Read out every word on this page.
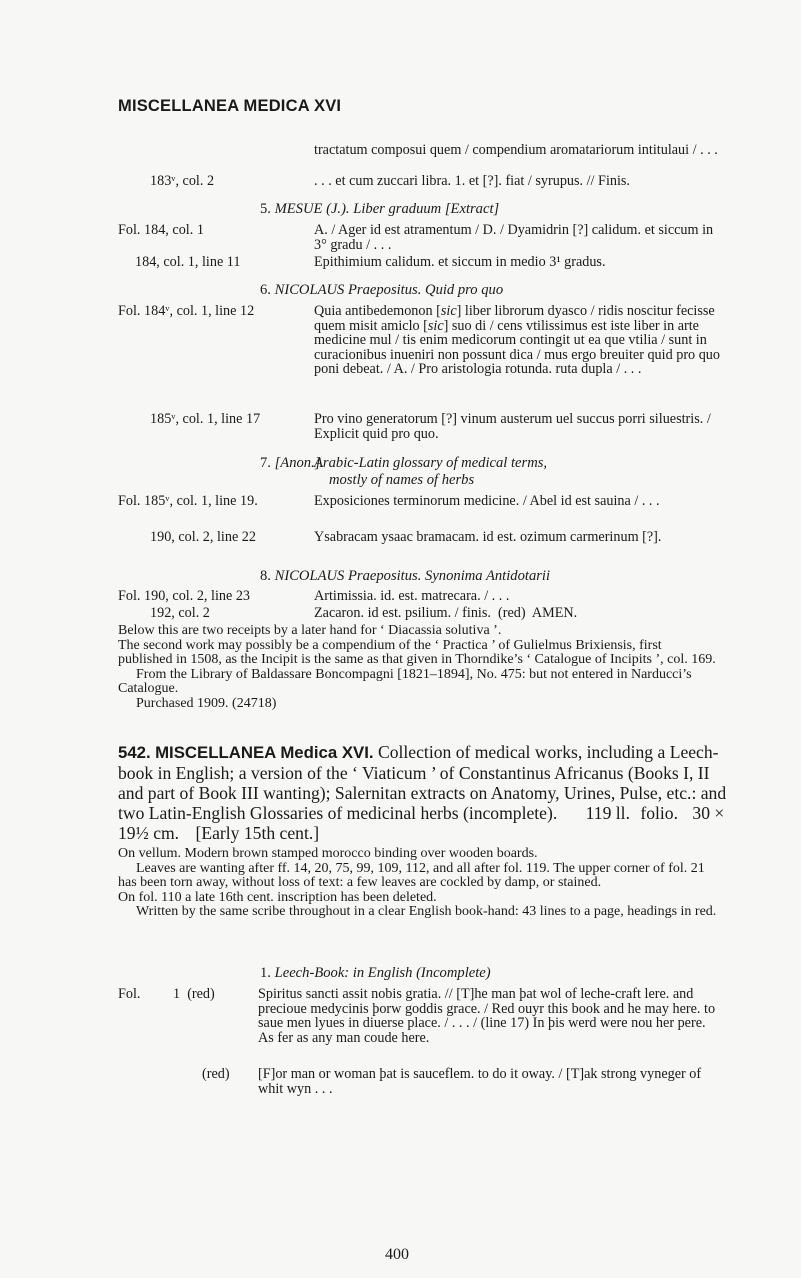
MISCELLANEA MEDICA XVI
tractatum composui quem / compendium aromatariorum intitulaui / . . .
183ᵛ, col. 2	. . . et cum zuccari libra. 1. et [?]. fiat / syrupus. // Finis.
5. MESUE (J.). Liber graduum [Extract]
Fol. 184, col. 1	A. / Ager id est atramentum / D. / Dyamidrin [?] calidum. et siccum in 3° gradu / . . .
184, col. 1, line 11	Epithimium calidum. et siccum in medio 3¹ gradus.
6. NICOLAUS Praepositus. Quid pro quo
Fol. 184ᵛ, col. 1, line 12	Quia antibedemonon [sic] liber librorum dyasco / ridis noscitur fecisse quem misit amiclo [sic] suo di / cens vtilissimus est iste liber in arte medicine mul / tis enim medicorum contingit ut ea que vtilia / sunt in curacionibus inueniri non possunt dica / mus ergo breuiter quid pro quo poni debeat. / A. / Pro aristologia rotunda. ruta dupla / . . .
185ᵛ, col. 1, line 17	Pro vino generatorum [?] vinum austerum uel succus porri siluestris. / Explicit quid pro quo.
7. [Anon.].
Arabic-Latin glossary of medical terms,
mostly of names of herbs
Fol. 185ᵛ, col. 1, line 19.	Exposiciones terminorum medicine. / Abel id est sauina / . . .
190, col. 2, line 22	Ysabracam ysaac bramacam. id est. ozimum carmerinum [?].
8. NICOLAUS Praepositus. Synonima Antidotarii
Fol. 190, col. 2, line 23	Artimissia. id. est. matrecara. / . . .
192, col. 2	Zacaron. id est. psilium. / finis.  (red)  AMEN.
Below this are two receipts by a later hand for ‘ Diacassia solutiva ’.
The second work may possibly be a compendium of the ‘ Practica ’ of Gulielmus Brixiensis, first published in 1508, as the Incipit is the same as that given in Thorndike’s ‘ Catalogue of Incipits ’, col. 169.
From the Library of Baldassare Boncompagni [1821–1894], No. 475: but not entered in Narducci’s Catalogue.
Purchased 1909. (24718)
542. MISCELLANEA Medica XVI. Collection of medical works, including a Leech-book in English; a version of the ‘ Viaticum ’ of Constantinus Africanus (Books I, II and part of Book III wanting); Salernitan extracts on Anatomy, Urines, Pulse, etc.: and two Latin-English Glossaries of medicinal herbs (incomplete). 119 ll. folio. 30 × 19½ cm. [Early 15th cent.]
On vellum. Modern brown stamped morocco binding over wooden boards.
Leaves are wanting after ff. 14, 20, 75, 99, 109, 112, and all after fol. 119. The upper corner of fol. 21 has been torn away, without loss of text: a few leaves are cockled by damp, or stained.
On fol. 110 a late 16th cent. inscription has been deleted.
Written by the same scribe throughout in a clear English book-hand: 43 lines to a page, headings in red.
1. Leech-Book: in English (Incomplete)
Fol. 1  (red)	Spiritus sancti assit nobis gratia. // [T]he man þat wol of leche-craft lere. and precioue medycinis þorw goddis grace. / Red ouyr this book and he may here. to saue men lyues in diuerse place. / . . . / (line 17) In þis werd were nou her pere. As fer as any man coude here.
(red) [F]or man or woman þat is sauceflem. to do it oway. / [T]ak strong vyneger of whit wyn . . .
400
